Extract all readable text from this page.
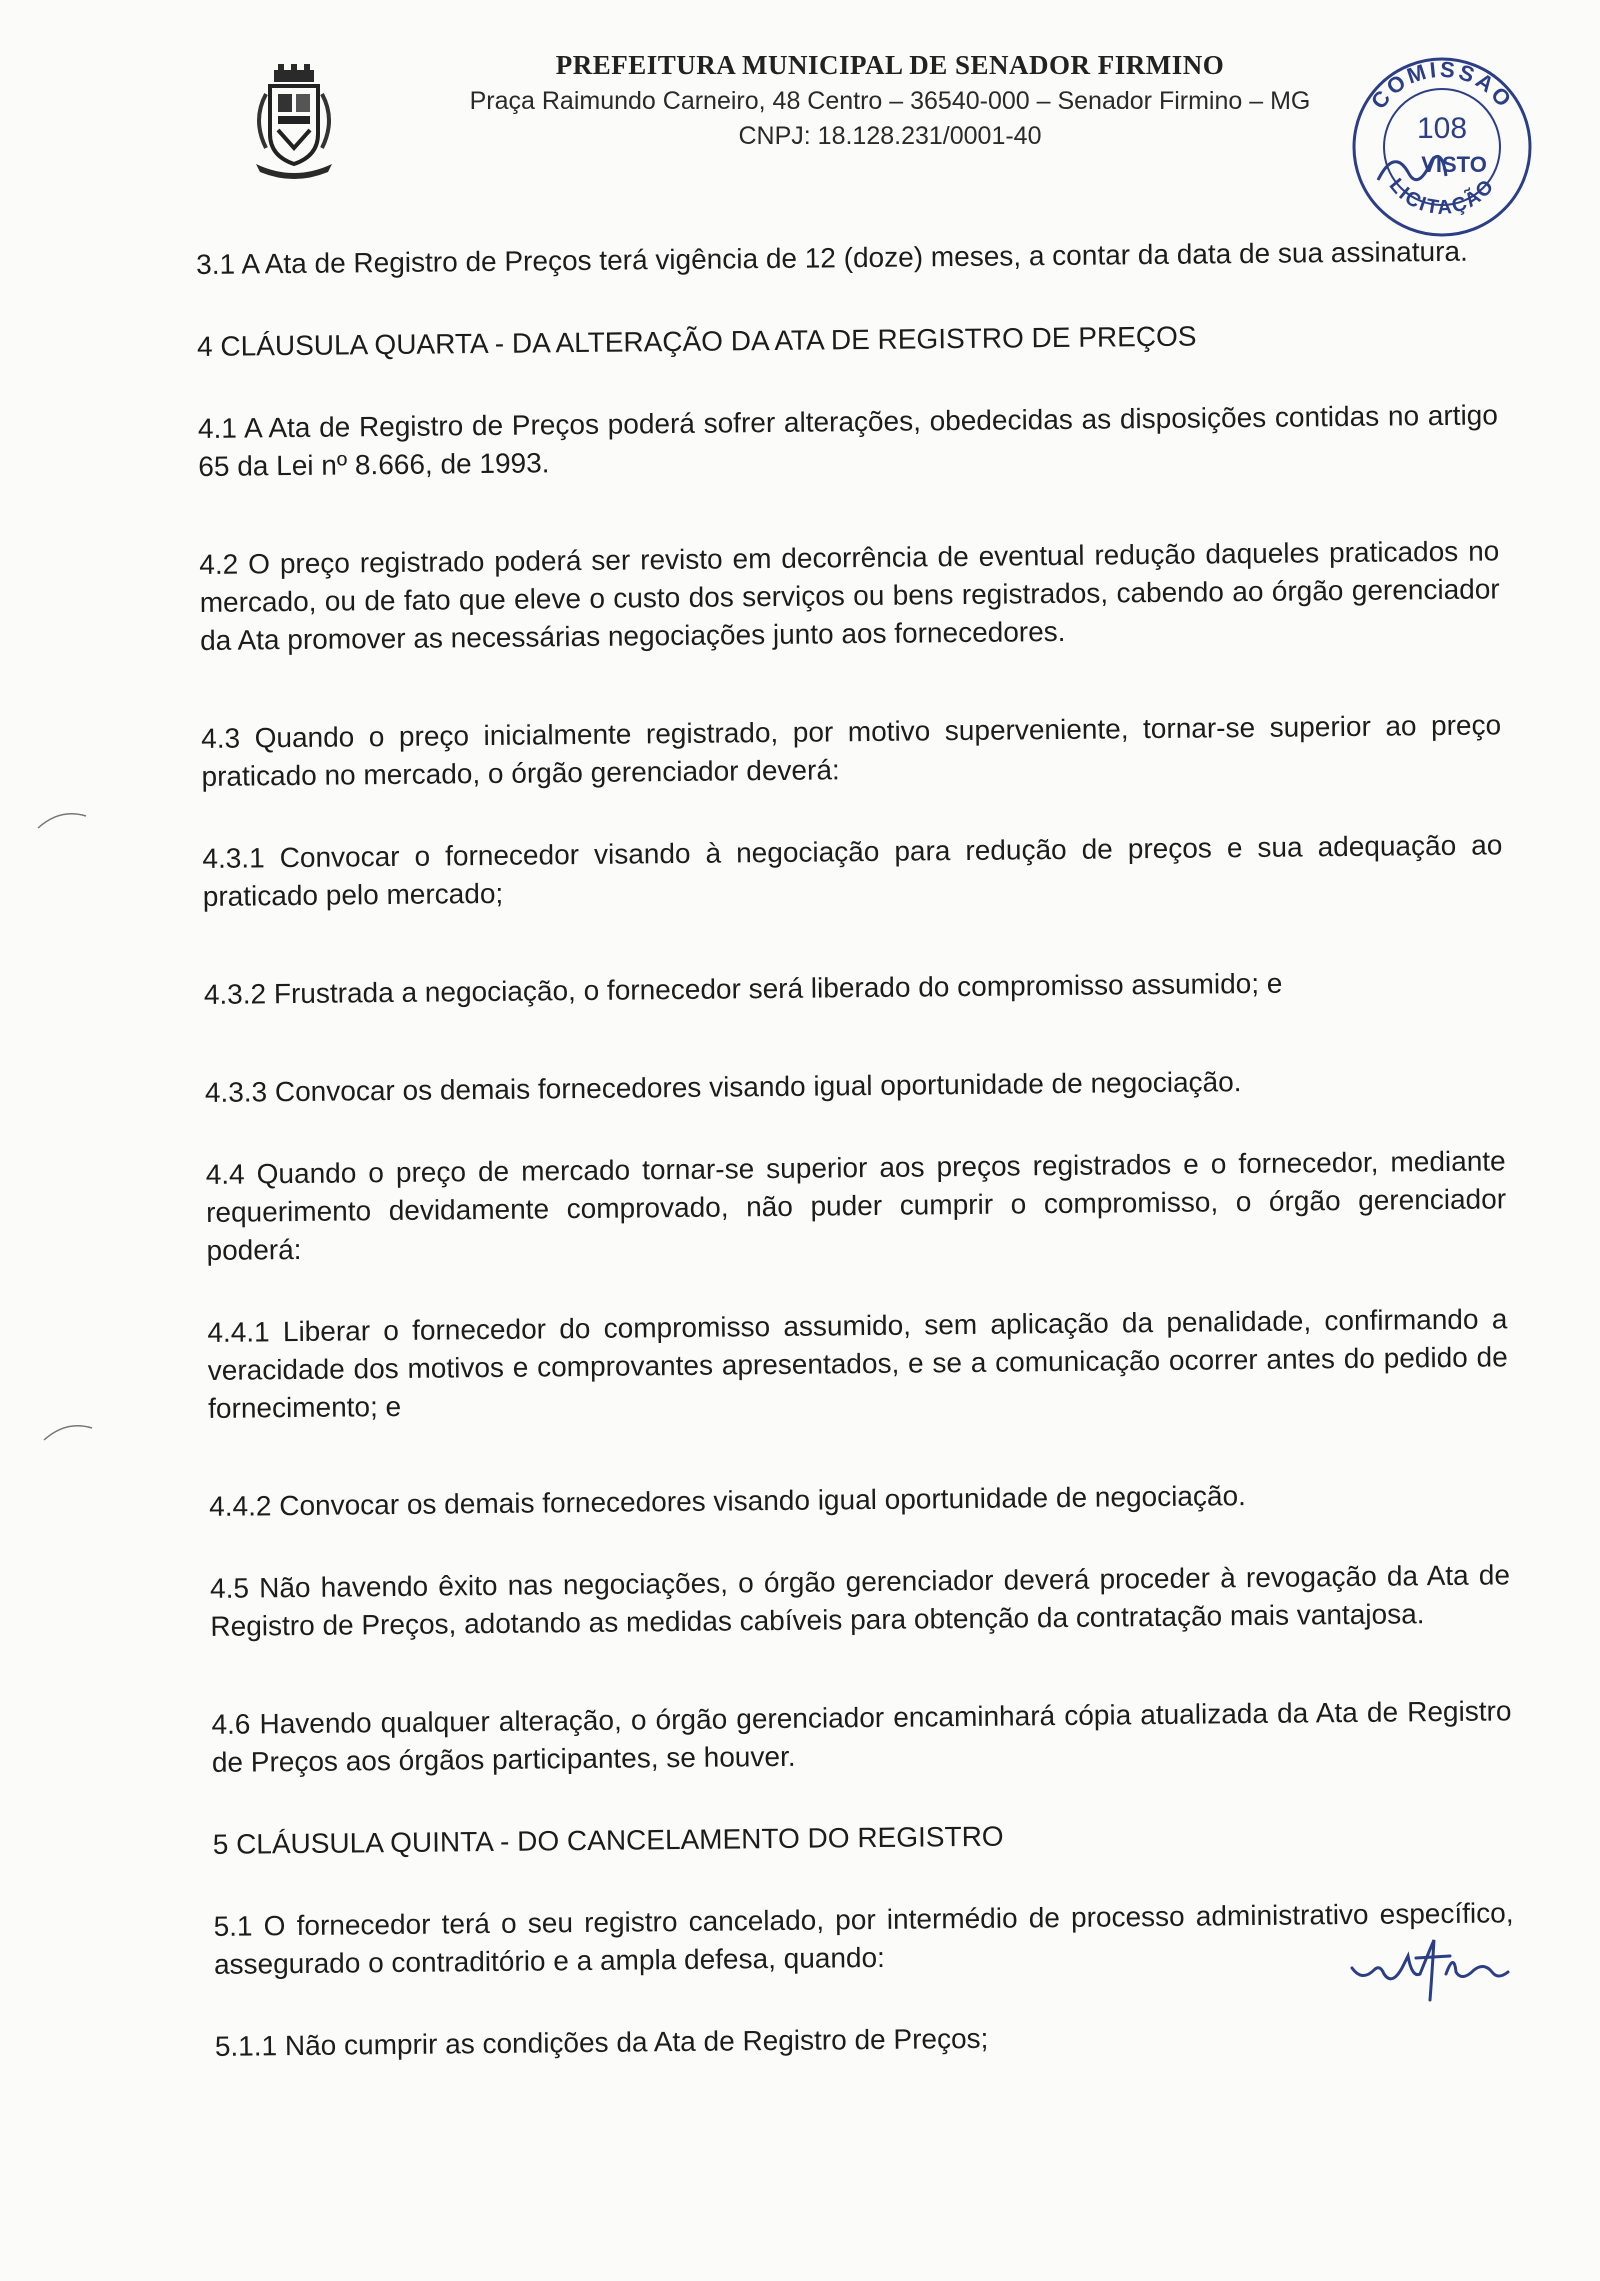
PREFEITURA MUNICIPAL DE SENADOR FIRMINO
Praça Raimundo Carneiro, 48 Centro – 36540-000 – Senador Firmino – MG
CNPJ: 18.128.231/0001-40
COMISSÃO
108
VISTO
LICITAÇÃO

3.1 A Ata de Registro de Preços terá vigência de 12 (doze) meses, a contar da data de sua assinatura.

4 CLÁUSULA QUARTA - DA ALTERAÇÃO DA ATA DE REGISTRO DE PREÇOS

4.1 A Ata de Registro de Preços poderá sofrer alterações, obedecidas as disposições contidas no artigo 65 da Lei nº 8.666, de 1993.

4.2 O preço registrado poderá ser revisto em decorrência de eventual redução daqueles praticados no mercado, ou de fato que eleve o custo dos serviços ou bens registrados, cabendo ao órgão gerenciador da Ata promover as necessárias negociações junto aos fornecedores.

4.3 Quando o preço inicialmente registrado, por motivo superveniente, tornar-se superior ao preço praticado no mercado, o órgão gerenciador deverá:

4.3.1 Convocar o fornecedor visando à negociação para redução de preços e sua adequação ao praticado pelo mercado;

4.3.2 Frustrada a negociação, o fornecedor será liberado do compromisso assumido; e

4.3.3 Convocar os demais fornecedores visando igual oportunidade de negociação.

4.4 Quando o preço de mercado tornar-se superior aos preços registrados e o fornecedor, mediante requerimento devidamente comprovado, não puder cumprir o compromisso, o órgão gerenciador poderá:

4.4.1 Liberar o fornecedor do compromisso assumido, sem aplicação da penalidade, confirmando a veracidade dos motivos e comprovantes apresentados, e se a comunicação ocorrer antes do pedido de fornecimento; e

4.4.2 Convocar os demais fornecedores visando igual oportunidade de negociação.

4.5 Não havendo êxito nas negociações, o órgão gerenciador deverá proceder à revogação da Ata de Registro de Preços, adotando as medidas cabíveis para obtenção da contratação mais vantajosa.

4.6 Havendo qualquer alteração, o órgão gerenciador encaminhará cópia atualizada da Ata de Registro de Preços aos órgãos participantes, se houver.

5 CLÁUSULA QUINTA - DO CANCELAMENTO DO REGISTRO

5.1 O fornecedor terá o seu registro cancelado, por intermédio de processo administrativo específico, assegurado o contraditório e a ampla defesa, quando:

5.1.1 Não cumprir as condições da Ata de Registro de Preços;
